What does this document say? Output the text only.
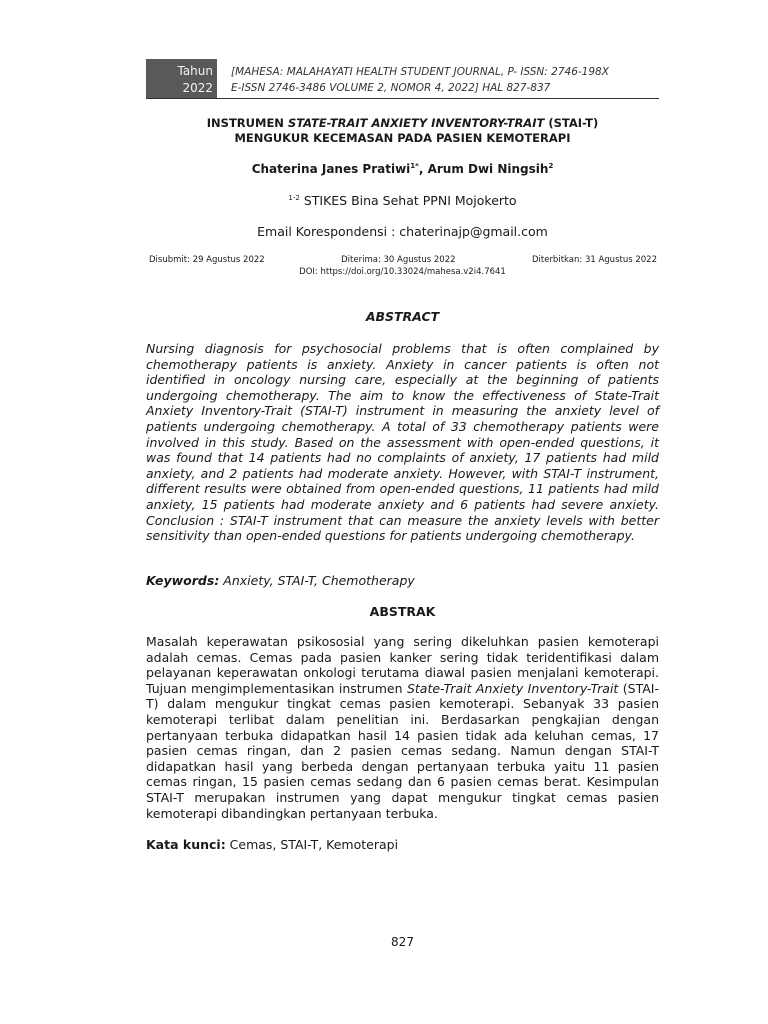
Tahun
2022
[MAHESA: MALAHAYATI HEALTH STUDENT JOURNAL, P- ISSN: 2746-198X
E-ISSN 2746-3486 VOLUME 2, NOMOR 4, 2022] HAL 827-837
INSTRUMEN STATE-TRAIT ANXIETY INVENTORY-TRAIT (STAI-T)
MENGUKUR KECEMASAN PADA PASIEN KEMOTERAPI
Chaterina Janes Pratiwi$^{1*}$, Arum Dwi Ningsih$^2$
$^{1-2}$ STIKES Bina Sehat PPNI Mojokerto
Email Korespondensi : chaterinajp@gmail.com
Disubmit: 29 Agustus 2022	Diterima: 30 Agustus 2022	Diterbitkan: 31 Agustus 2022
DOI: https://doi.org/10.33024/mahesa.v2i4.7641
ABSTRACT
Nursing diagnosis for psychosocial problems that is often complained by chemotherapy patients is anxiety. Anxiety in cancer patients is often not identified in oncology nursing care, especially at the beginning of patients undergoing chemotherapy. The aim to know the effectiveness of State-Trait Anxiety Inventory-Trait (STAI-T) instrument in measuring the anxiety level of patients undergoing chemotherapy. A total of 33 chemotherapy patients were involved in this study. Based on the assessment with open-ended questions, it was found that 14 patients had no complaints of anxiety, 17 patients had mild anxiety, and 2 patients had moderate anxiety. However, with STAI-T instrument, different results were obtained from open-ended questions, 11 patients had mild anxiety, 15 patients had moderate anxiety and 6 patients had severe anxiety. Conclusion : STAI-T instrument that can measure the anxiety levels with better sensitivity than open-ended questions for patients undergoing chemotherapy.
Keywords: Anxiety, STAI-T, Chemotherapy
ABSTRAK
Masalah keperawatan psikososial yang sering dikeluhkan pasien kemoterapi adalah cemas. Cemas pada pasien kanker sering tidak teridentifikasi dalam pelayanan keperawatan onkologi terutama diawal pasien menjalani kemoterapi. Tujuan mengimplementasikan instrumen State-Trait Anxiety Inventory-Trait (STAI-T) dalam mengukur tingkat cemas pasien kemoterapi. Sebanyak 33 pasien kemoterapi terlibat dalam penelitian ini. Berdasarkan pengkajian dengan pertanyaan terbuka didapatkan hasil 14 pasien tidak ada keluhan cemas, 17 pasien cemas ringan, dan 2 pasien cemas sedang. Namun dengan STAI-T didapatkan hasil yang berbeda dengan pertanyaan terbuka yaitu 11 pasien cemas ringan, 15 pasien cemas sedang dan 6 pasien cemas berat. Kesimpulan STAI-T merupakan instrumen yang dapat mengukur tingkat cemas pasien kemoterapi dibandingkan pertanyaan terbuka.
Kata kunci: Cemas, STAI-T, Kemoterapi
827
